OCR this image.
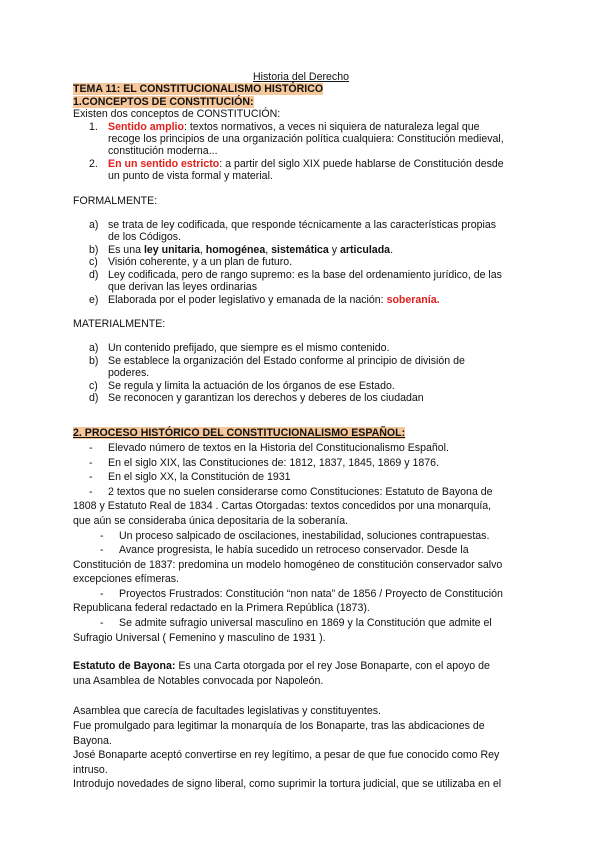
Historia del Derecho
TEMA 11: EL CONSTITUCIONALISMO HISTÓRICO
1.CONCEPTOS DE CONSTITUCIÓN:
Existen dos conceptos de CONSTITUCIÓN:
1. Sentido amplio: textos normativos, a veces ni siquiera de naturaleza legal que
recoge los principios de una organización política cualquiera: Constitución medieval,
constitución moderna...
2. En un sentido estricto: a partir del siglo XIX puede hablarse de Constitución desde
un punto de vista formal y material.
FORMALMENTE:
a) se trata de ley codificada, que responde técnicamente a las características propias
de los Códigos.
b) Es una ley unitaria, homogénea, sistemática y articulada.
c) Visión coherente, y a un plan de futuro.
d) Ley codificada, pero de rango supremo: es la base del ordenamiento jurídico, de las
que derivan las leyes ordinarias
e) Elaborada por el poder legislativo y emanada de la nación: soberanía.
MATERIALMENTE:
a) Un contenido prefijado, que siempre es el mismo contenido.
b) Se establece la organización del Estado conforme al principio de división de
poderes.
c) Se regula y limita la actuación de los órganos de ese Estado.
d) Se reconocen y garantizan los derechos y deberes de los ciudadan
2. PROCESO HISTÓRICO DEL CONSTITUCIONALISMO ESPAÑOL:
- Elevado número de textos en la Historia del Constitucionalismo Español.
- En el siglo XIX, las Constituciones de: 1812, 1837, 1845, 1869 y 1876.
- En el siglo XX, la Constitución de 1931
- 2 textos que no suelen considerarse como Constituciones: Estatuto de Bayona de
1808 y Estatuto Real de 1834 . Cartas Otorgadas: textos concedidos por una monarquía,
que aún se consideraba única depositaria de la soberanía.
- Un proceso salpicado de oscilaciones, inestabilidad, soluciones contrapuestas.
- Avance progresista, le había sucedido un retroceso conservador. Desde la
Constitución de 1837: predomina un modelo homogéneo de constitución conservador salvo
excepciones efímeras.
- Proyectos Frustrados: Constitución “non nata” de 1856 / Proyecto de Constitución
Republicana federal redactado en la Primera República (1873).
- Se admite sufragio universal masculino en 1869 y la Constitución que admite el
Sufragio Universal ( Femenino y masculino de 1931 ).
Estatuto de Bayona: Es una Carta otorgada por el rey Jose Bonaparte, con el apoyo de
una Asamblea de Notables convocada por Napoleón.
Asamblea que carecía de facultades legislativas y constituyentes.
Fue promulgado para legitimar la monarquía de los Bonaparte, tras las abdicaciones de
Bayona.
José Bonaparte aceptó convertirse en rey legítimo, a pesar de que fue conocido como Rey
intruso.
Introdujo novedades de signo liberal, como suprimir la tortura judicial, que se utilizaba en el
